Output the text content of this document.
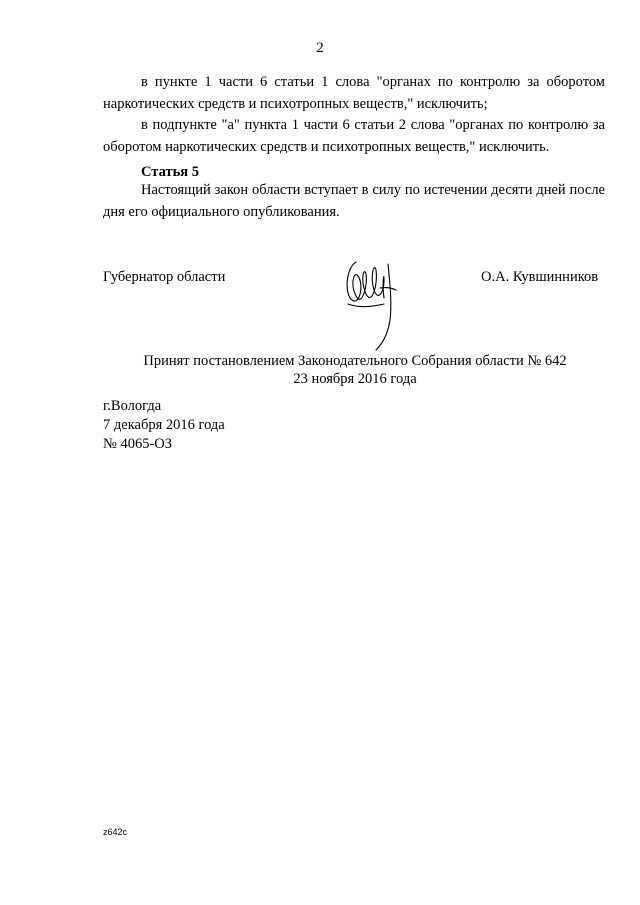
2

в пункте 1 части 6 статьи 1 слова "органах по контролю за оборотом наркотических средств и психотропных веществ," исключить;

в подпункте "а" пункта 1 части 6 статьи 2 слова "органах по контролю за оборотом наркотических средств и психотропных веществ," исключить.

Статья 5

Настоящий закон области вступает в силу по истечении десяти дней после дня его официального опубликования.

Губернатор области	О.А. Кувшинников
Принят постановлением Законодательного Собрания области № 642
23 ноября 2016 года
г.Вологда
7 декабря 2016 года
№ 4065-ОЗ
z642c
